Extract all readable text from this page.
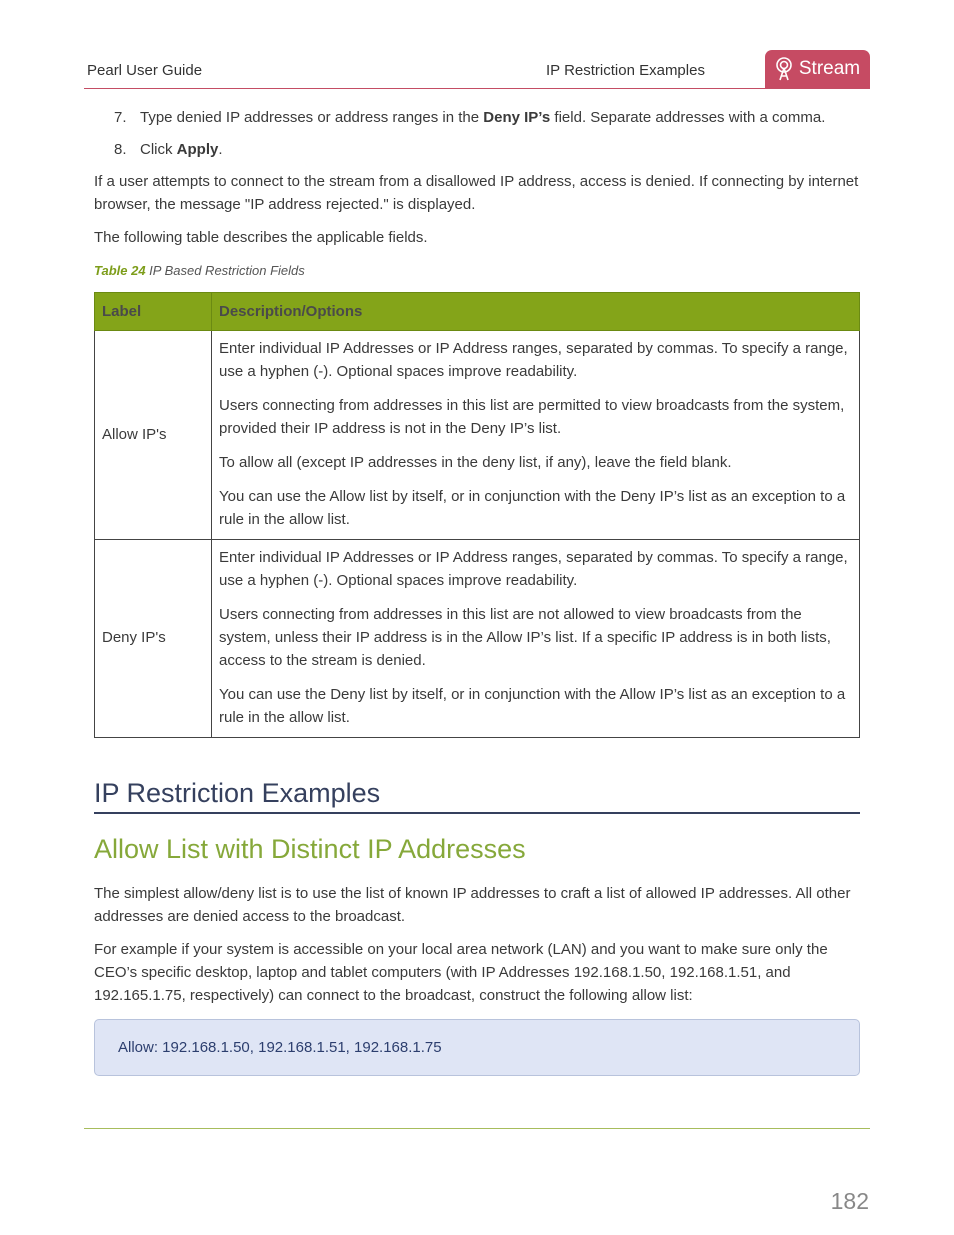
Pearl User Guide	IP Restriction Examples	Stream
7. Type denied IP addresses or address ranges in the Deny IP’s field. Separate addresses with a comma.
8. Click Apply.

If a user attempts to connect to the stream from a disallowed IP address, access is denied. If connecting by internet browser, the message "IP address rejected." is displayed.

The following table describes the applicable fields.

Table 24 IP Based Restriction Fields
Label	Description/Options
Allow IP's	Enter individual IP Addresses or IP Address ranges, separated by commas. To specify a range, use a hyphen (-). Optional spaces improve readability.

Users connecting from addresses in this list are permitted to view broadcasts from the system, provided their IP address is not in the Deny IP’s list.

To allow all (except IP addresses in the deny list, if any), leave the field blank.

You can use the Allow list by itself, or in conjunction with the Deny IP’s list as an exception to a rule in the allow list.

Deny IP's	Enter individual IP Addresses or IP Address ranges, separated by commas. To specify a range, use a hyphen (-). Optional spaces improve readability.

Users connecting from addresses in this list are not allowed to view broadcasts from the system, unless their IP address is in the Allow IP’s list. If a specific IP address is in both lists, access to the stream is denied.

You can use the Deny list by itself, or in conjunction with the Allow IP’s list as an exception to a rule in the allow list.

IP Restriction Examples
Allow List with Distinct IP Addresses

The simplest allow/deny list is to use the list of known IP addresses to craft a list of allowed IP addresses. All other addresses are denied access to the broadcast.

For example if your system is accessible on your local area network (LAN) and you want to make sure only the CEO’s specific desktop, laptop and tablet computers (with IP Addresses 192.168.1.50, 192.168.1.51, and 192.165.1.75, respectively) can connect to the broadcast, construct the following allow list:

Allow: 192.168.1.50, 192.168.1.51, 192.168.1.75
182
